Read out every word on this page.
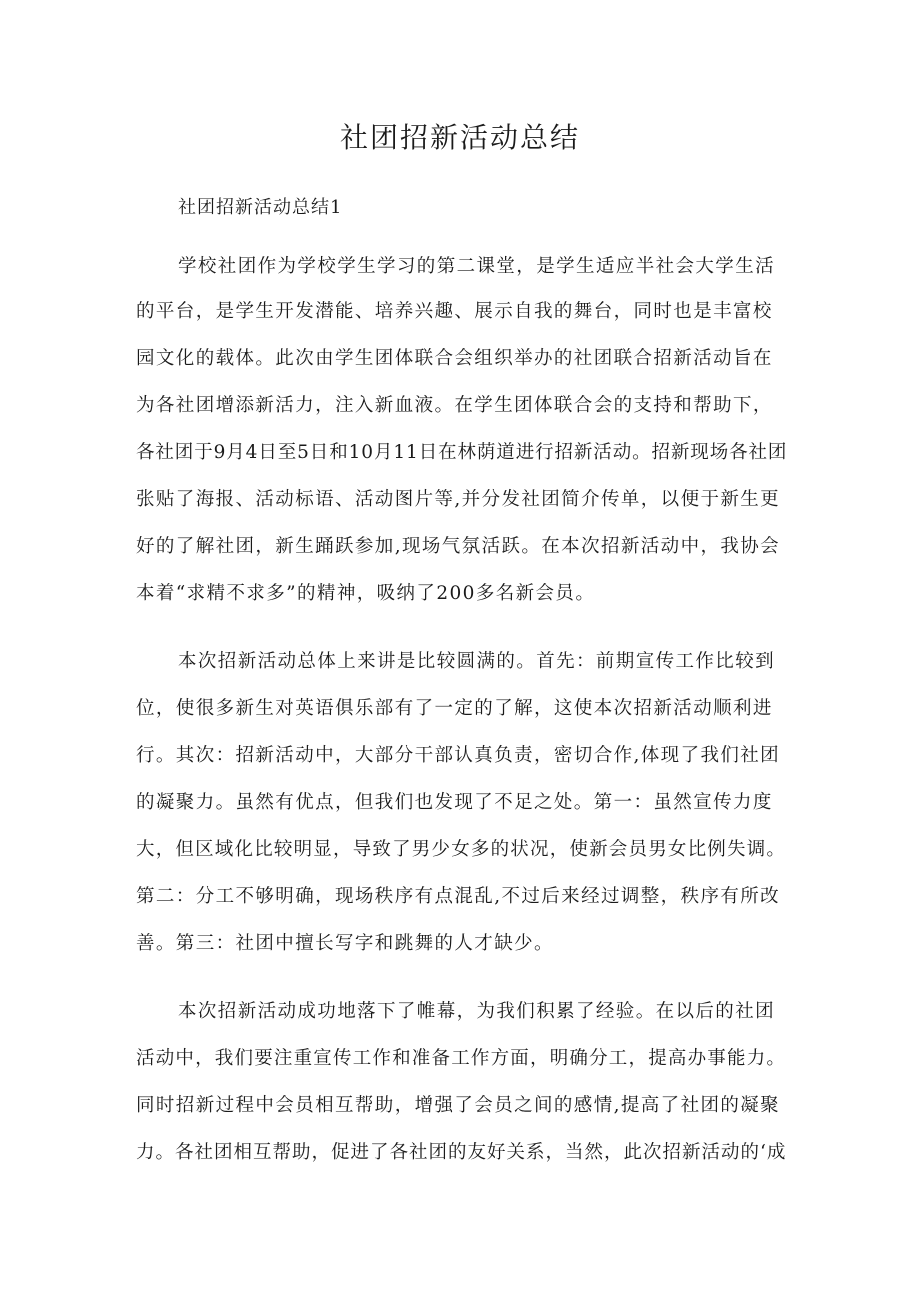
社团招新活动总结
社团招新活动总结1
学校社团作为学校学生学习的第二课堂，是学生适应半社会大学生活
的平台，是学生开发潜能、培养兴趣、展示自我的舞台，同时也是丰富校
园文化的载体。此次由学生团体联合会组织举办的社团联合招新活动旨在
为各社团增添新活力，注入新血液。在学生团体联合会的支持和帮助下，
各社团于9月4日至5日和10月11日在林荫道进行招新活动。招新现场各社团
张贴了海报、活动标语、活动图片等,并分发社团简介传单，以便于新生更
好的了解社团，新生踊跃参加,现场气氛活跃。在本次招新活动中，我协会
本着“求精不求多”的精神，吸纳了200多名新会员。
本次招新活动总体上来讲是比较圆满的。首先：前期宣传工作比较到
位，使很多新生对英语俱乐部有了一定的了解，这使本次招新活动顺利进
行。其次：招新活动中，大部分干部认真负责，密切合作,体现了我们社团
的凝聚力。虽然有优点，但我们也发现了不足之处。第一：虽然宣传力度
大，但区域化比较明显，导致了男少女多的状况，使新会员男女比例失调。
第二：分工不够明确，现场秩序有点混乱,不过后来经过调整，秩序有所改
善。第三：社团中擅长写字和跳舞的人才缺少。
本次招新活动成功地落下了帷幕，为我们积累了经验。在以后的社团
活动中，我们要注重宣传工作和准备工作方面，明确分工，提高办事能力。
同时招新过程中会员相互帮助，增强了会员之间的感情,提高了社团的凝聚
力。各社团相互帮助，促进了各社团的友好关系，当然，此次招新活动的‘成
